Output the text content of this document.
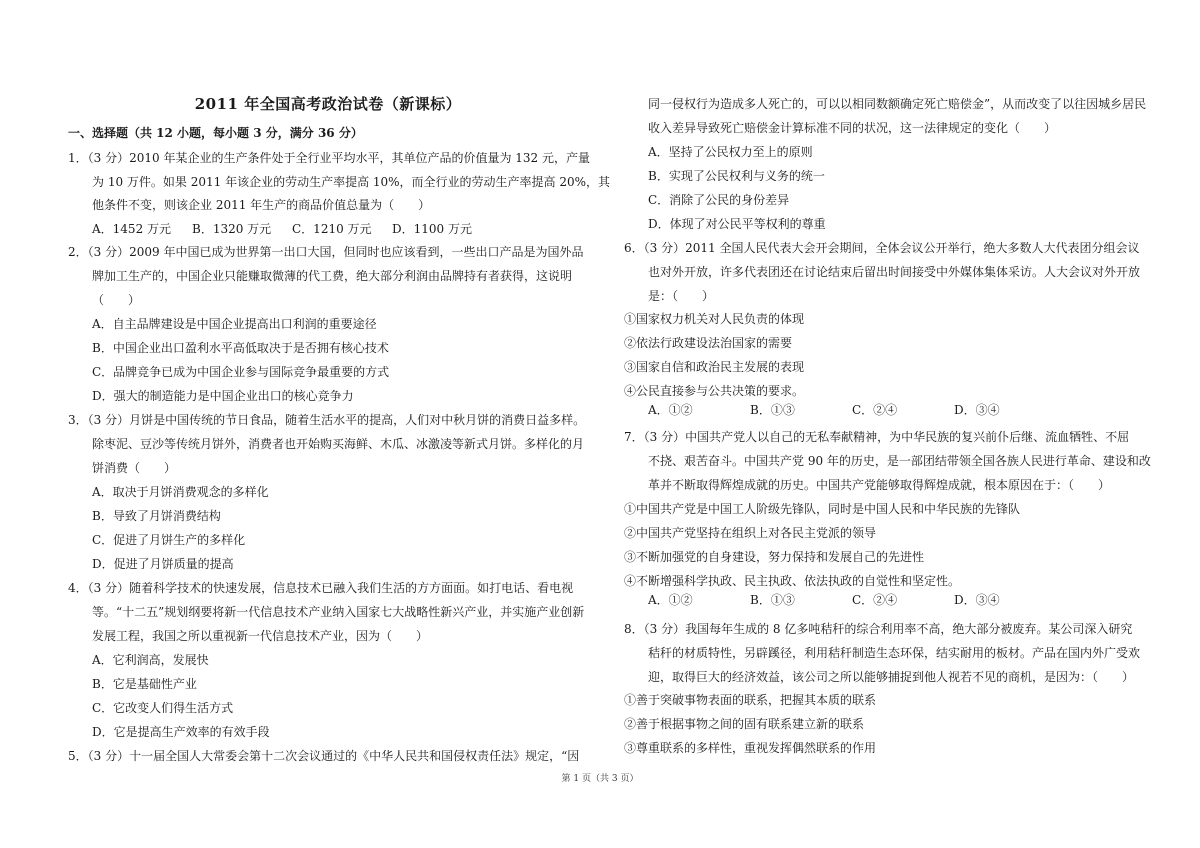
2011 年全国高考政治试卷（新课标）
一、选择题（共 12 小题，每小题 3 分，满分 36 分）
1．（3 分）2010 年某企业的生产条件处于全行业平均水平，其单位产品的价值量为 132 元，产量
为 10 万件。如果 2011 年该企业的劳动生产率提高 10%，而全行业的劳动生产率提高 20%，其
他条件不变，则该企业 2011 年生产的商品价值总量为（　　）
2．（3 分）2009 年中国已成为世界第一出口大国，但同时也应该看到，一些出口产品是为国外品
牌加工生产的，中国企业只能赚取微薄的代工费，绝大部分利润由品牌持有者获得，这说明
（　　）
A．自主品牌建设是中国企业提高出口利润的重要途径
B．中国企业出口盈利水平高低取决于是否拥有核心技术
C．品牌竞争已成为中国企业参与国际竞争最重要的方式
D．强大的制造能力是中国企业出口的核心竞争力
3．（3 分）月饼是中国传统的节日食品，随着生活水平的提高，人们对中秋月饼的消费日益多样。
除枣泥、豆沙等传统月饼外，消费者也开始购买海鲜、木瓜、冰激凌等新式月饼。多样化的月
饼消费（　　）
A．取决于月饼消费观念的多样化
B．导致了月饼消费结构
C．促进了月饼生产的多样化
D．促进了月饼质量的提高
4．（3 分）随着科学技术的快速发展，信息技术已融入我们生活的方方面面。如打电话、看电视
等。“十二五”规划纲要将新一代信息技术产业纳入国家七大战略性新兴产业，并实施产业创新
发展工程，我国之所以重视新一代信息技术产业，因为（　　）
A．它利润高，发展快
B．它是基础性产业
C．它改变人们得生活方式
D．它是提高生产效率的有效手段
5．（3 分）十一届全国人大常委会第十二次会议通过的《中华人民共和国侵权责任法》规定，“因
A．1452 万元 B．1320 万元 C．1210 万元 D．1100 万元
同一侵权行为造成多人死亡的，可以以相同数额确定死亡赔偿金”，从而改变了以往因城乡居民
收入差异导致死亡赔偿金计算标准不同的状况，这一法律规定的变化（　　）
A．坚持了公民权力至上的原则
B．实现了公民权利与义务的统一
C．消除了公民的身份差异
D．体现了对公民平等权利的尊重
6．（3 分）2011 全国人民代表大会开会期间，全体会议公开举行，绝大多数人大代表团分组会议
也对外开放，许多代表团还在讨论结束后留出时间接受中外媒体集体采访。人大会议对外开放
是：（　　）
①国家权力机关对人民负责的体现
②依法行政建设法治国家的需要
③国家自信和政治民主发展的表现
④公民直接参与公共决策的要求。
7．（3 分）中国共产党人以自己的无私奉献精神，为中华民族的复兴前仆后继、流血牺牲、不屈
不挠、艰苦奋斗。中国共产党 90 年的历史，是一部团结带领全国各族人民进行革命、建设和改
革并不断取得辉煌成就的历史。中国共产党能够取得辉煌成就，根本原因在于：（　　）
①中国共产党是中国工人阶级先锋队，同时是中国人民和中华民族的先锋队
②中国共产党坚持在组织上对各民主党派的领导
③不断加强党的自身建设，努力保持和发展自己的先进性
④不断增强科学执政、民主执政、依法执政的自觉性和坚定性。
8．（3 分）我国每年生成的 8 亿多吨秸秆的综合利用率不高，绝大部分被废弃。某公司深入研究
秸秆的材质特性，另辟蹊径，利用秸秆制造生态环保，结实耐用的板材。产品在国内外广受欢
迎，取得巨大的经济效益，该公司之所以能够捕捉到他人视若不见的商机，是因为：（　　）
①善于突破事物表面的联系，把握其本质的联系
②善于根据事物之间的固有联系建立新的联系
③尊重联系的多样性，重视发挥偶然联系的作用
A．①②	B．①③	C．②④	D．③④
A．①②	B．①③	C．②④	D．③④
第 1 页（共 3 页）
